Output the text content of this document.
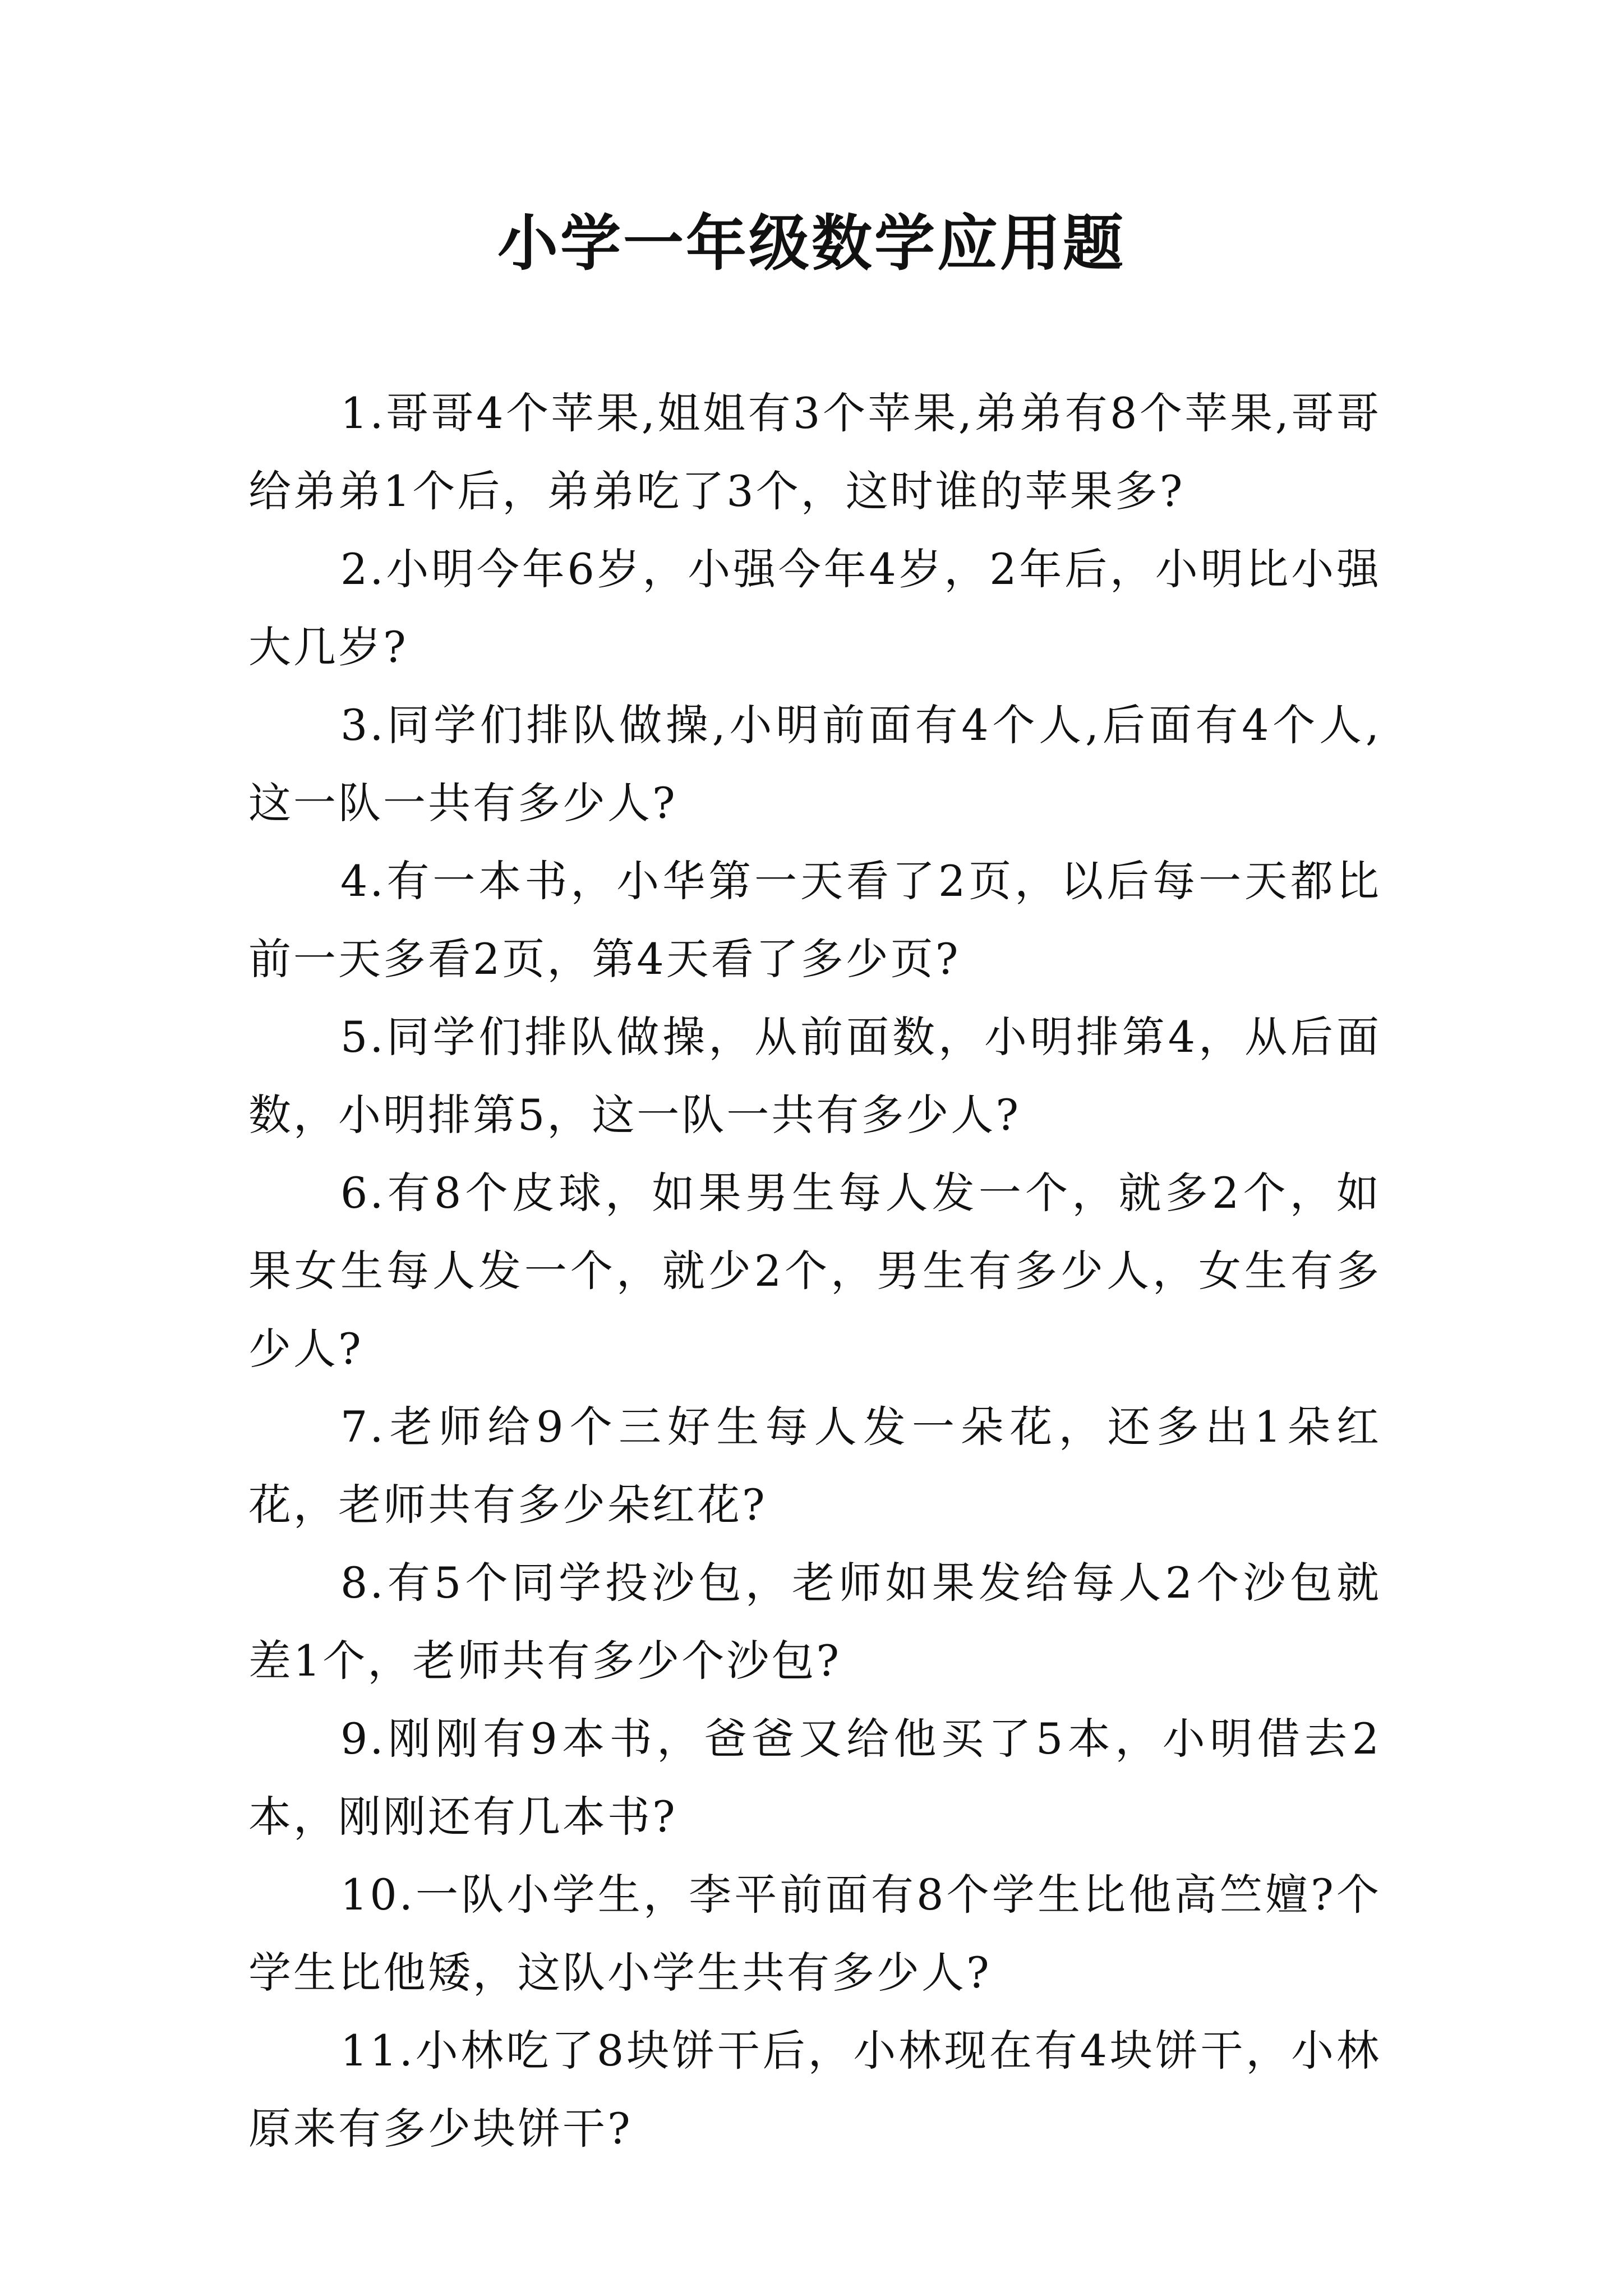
小学一年级数学应用题

1.哥哥4个苹果,姐姐有3个苹果,弟弟有8个苹果,哥哥给弟弟1个后，弟弟吃了3个，这时谁的苹果多?

2.小明今年6岁，小强今年4岁，2年后，小明比小强大几岁?

3.同学们排队做操,小明前面有4个人,后面有4个人,这一队一共有多少人?

4.有一本书，小华第一天看了2页，以后每一天都比前一天多看2页，第4天看了多少页?

5.同学们排队做操，从前面数，小明排第4，从后面数，小明排第5，这一队一共有多少人?

6.有8个皮球，如果男生每人发一个，就多2个，如果女生每人发一个，就少2个，男生有多少人，女生有多少人?

7.老师给9个三好生每人发一朵花，还多出1朵红花，老师共有多少朵红花?

8.有5个同学投沙包，老师如果发给每人2个沙包就差1个，老师共有多少个沙包?

9.刚刚有9本书，爸爸又给他买了5本，小明借去2本，刚刚还有几本书?

10.一队小学生，李平前面有8个学生比他高竺嬗?个学生比他矮，这队小学生共有多少人?

11.小林吃了8块饼干后，小林现在有4块饼干，小林原来有多少块饼干?
